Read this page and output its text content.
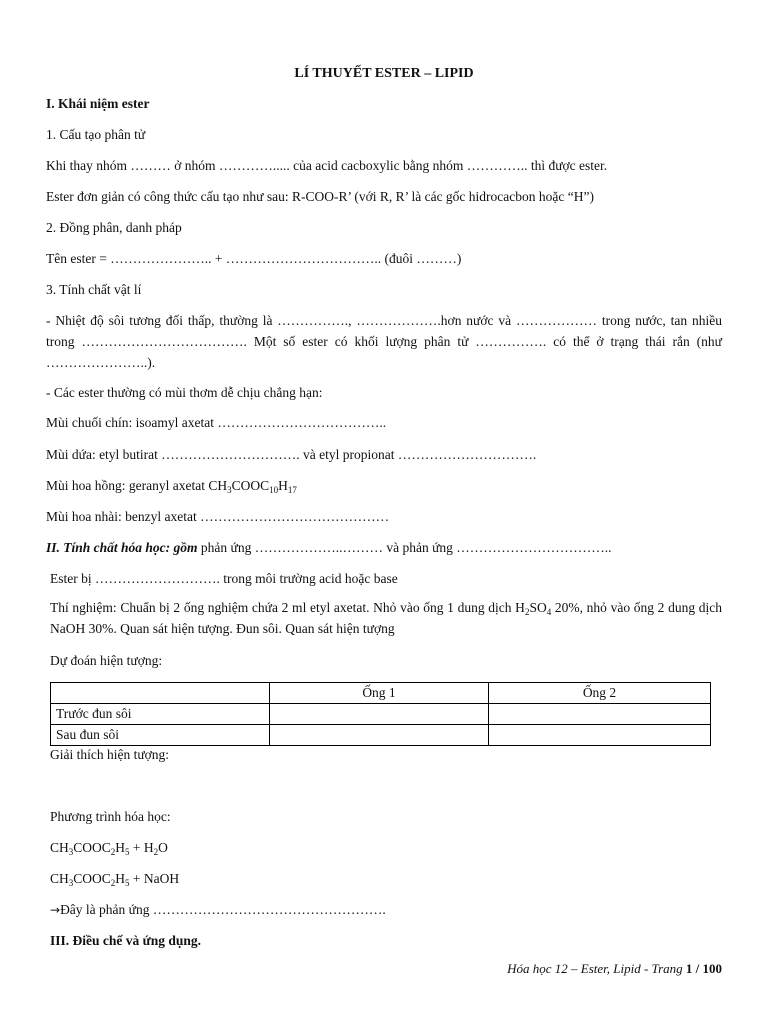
LÍ THUYẾT ESTER – LIPID
I. Khái niệm ester
1. Cấu tạo phân tử
Khi thay nhóm ……… ở nhóm …………..... của acid cacboxylic bằng nhóm ………….. thì được ester.
Ester đơn giản có công thức cấu tạo như sau: R-COO-R’ (với R, R’ là các gốc hidrocacbon hoặc “H”)
2. Đồng phân, danh pháp
Tên ester = ………………….. + …………………………….. (đuôi ………)
3. Tính chất vật lí
- Nhiệt độ sôi tương đối thấp, thường là ……………., ……………….hơn nước và ……………… trong nước, tan nhiều trong ………………………………. Một số ester có khối lượng phân tử ……………. có thể ở trạng thái rắn (như …………………..).
- Các ester thường có mùi thơm dễ chịu chẳng hạn:
Mùi chuối chín: isoamyl axetat ………………………………..
Mùi dứa: etyl butirat …………………………. và etyl propionat ………………………….
Mùi hoa hồng: geranyl axetat $CH_3COOC_{10}H_{17}$
Mùi hoa nhài: benzyl axetat ……………………………………
II. Tính chất hóa học: gồm phản ứng ………………..……… và phản ứng ……………………………..
Ester bị ………………………. trong môi trường acid hoặc base
Thí nghiệm: Chuẩn bị 2 ống nghiệm chứa 2 ml etyl axetat. Nhỏ vào ống 1 dung dịch $H_2SO_4$ 20%, nhỏ vào ống 2 dung dịch NaOH 30%. Quan sát hiện tượng. Đun sôi. Quan sát hiện tượng
Dự đoán hiện tượng:
	Ống 1	Ống 2
Trước đun sôi		
Sau đun sôi		
Giải thích hiện tượng:
Phương trình hóa học:
$CH_3COOC_2H_5 + H_2O$
$CH_3COOC_2H_5$ + NaOH
→Đây là phản ứng …………………………………………….
III. Điều chế và ứng dụng.
Hóa học 12 – Ester, Lipid - Trang 1 / 100
